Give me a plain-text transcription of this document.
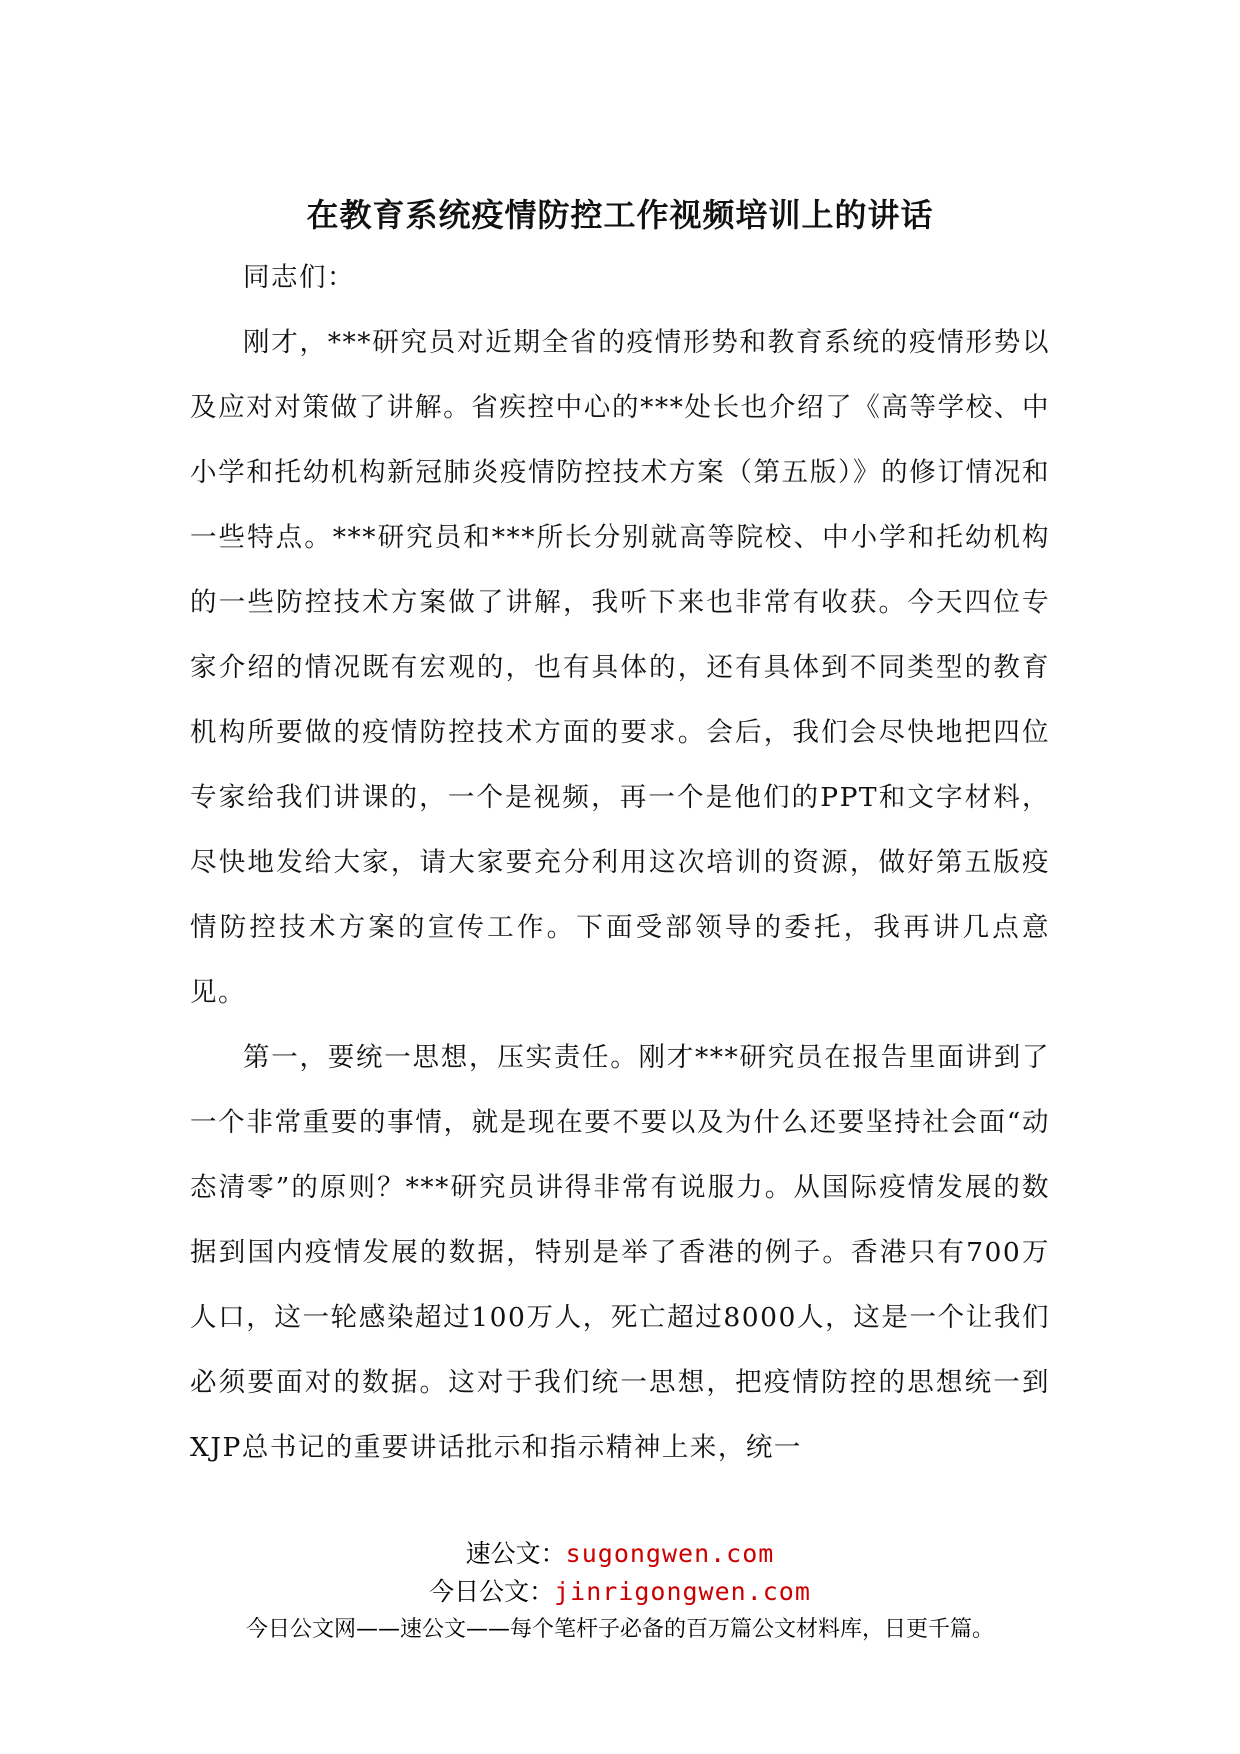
在教育系统疫情防控工作视频培训上的讲话

同志们：

刚才，***研究员对近期全省的疫情形势和教育系统的疫情形势以及应对对策做了讲解。省疾控中心的***处长也介绍了《高等学校、中小学和托幼机构新冠肺炎疫情防控技术方案（第五版）》的修订情况和一些特点。***研究员和***所长分别就高等院校、中小学和托幼机构的一些防控技术方案做了讲解，我听下来也非常有收获。今天四位专家介绍的情况既有宏观的，也有具体的，还有具体到不同类型的教育机构所要做的疫情防控技术方面的要求。会后，我们会尽快地把四位专家给我们讲课的，一个是视频，再一个是他们的PPT和文字材料，尽快地发给大家，请大家要充分利用这次培训的资源，做好第五版疫情防控技术方案的宣传工作。下面受部领导的委托，我再讲几点意见。

第一，要统一思想，压实责任。刚才***研究员在报告里面讲到了一个非常重要的事情，就是现在要不要以及为什么还要坚持社会面“动态清零”的原则？***研究员讲得非常有说服力。从国际疫情发展的数据到国内疫情发展的数据，特别是举了香港的例子。香港只有700万人口，这一轮感染超过100万人，死亡超过8000人，这是一个让我们必须要面对的数据。这对于我们统一思想，把疫情防控的思想统一到XJP总书记的重要讲话批示和指示精神上来，统一

速公文：sugongwen.com
今日公文：jinrigongwen.com
今日公文网——速公文——每个笔杆子必备的百万篇公文材料库，日更千篇。
